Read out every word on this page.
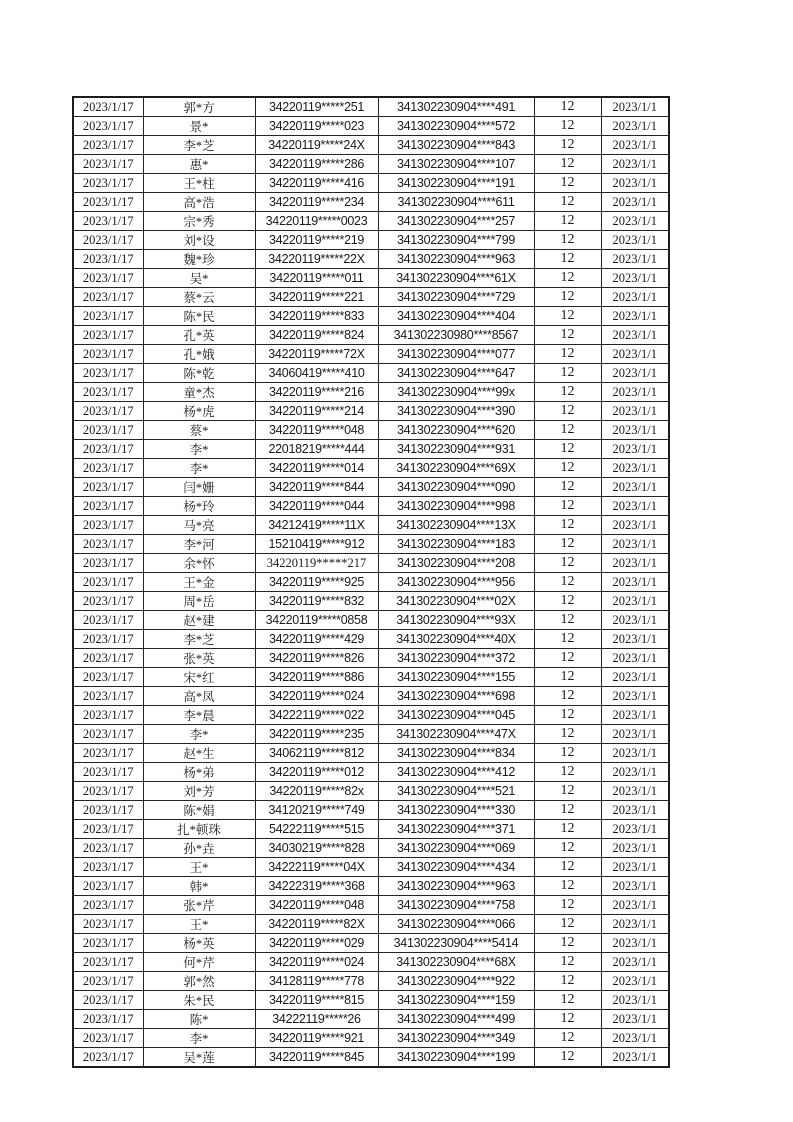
2023/1/17	郭*方	34220119*****251	341302230904****491	12	2023/1/1
2023/1/17	景*	34220119*****023	341302230904****572	12	2023/1/1
2023/1/17	李*芝	34220119*****24X	341302230904****843	12	2023/1/1
2023/1/17	惠*	34220119*****286	341302230904****107	12	2023/1/1
2023/1/17	王*柱	34220119*****416	341302230904****191	12	2023/1/1
2023/1/17	高*浩	34220119*****234	341302230904****611	12	2023/1/1
2023/1/17	宗*秀	34220119*****0023	341302230904****257	12	2023/1/1
2023/1/17	刘*设	34220119*****219	341302230904****799	12	2023/1/1
2023/1/17	魏*珍	34220119*****22X	341302230904****963	12	2023/1/1
2023/1/17	吴*	34220119*****011	341302230904****61X	12	2023/1/1
2023/1/17	蔡*云	34220119*****221	341302230904****729	12	2023/1/1
2023/1/17	陈*民	34220119*****833	341302230904****404	12	2023/1/1
2023/1/17	孔*英	34220119*****824	341302230980****8567	12	2023/1/1
2023/1/17	孔*娥	34220119*****72X	341302230904****077	12	2023/1/1
2023/1/17	陈*乾	34060419*****410	341302230904****647	12	2023/1/1
2023/1/17	童*杰	34220119*****216	341302230904****99x	12	2023/1/1
2023/1/17	杨*虎	34220119*****214	341302230904****390	12	2023/1/1
2023/1/17	蔡*	34220119*****048	341302230904****620	12	2023/1/1
2023/1/17	李*	22018219*****444	341302230904****931	12	2023/1/1
2023/1/17	李*	34220119*****014	341302230904****69X	12	2023/1/1
2023/1/17	闫*姗	34220119*****844	341302230904****090	12	2023/1/1
2023/1/17	杨*玲	34220119*****044	341302230904****998	12	2023/1/1
2023/1/17	马*亮	34212419*****11X	341302230904****13X	12	2023/1/1
2023/1/17	李*河	15210419*****912	341302230904****183	12	2023/1/1
2023/1/17	余*怀	34220119*****217	341302230904****208	12	2023/1/1
2023/1/17	王*金	34220119*****925	341302230904****956	12	2023/1/1
2023/1/17	周*岳	34220119*****832	341302230904****02X	12	2023/1/1
2023/1/17	赵*建	34220119*****0858	341302230904****93X	12	2023/1/1
2023/1/17	李*芝	34220119*****429	341302230904****40X	12	2023/1/1
2023/1/17	张*英	34220119*****826	341302230904****372	12	2023/1/1
2023/1/17	宋*红	34220119*****886	341302230904****155	12	2023/1/1
2023/1/17	高*凤	34220119*****024	341302230904****698	12	2023/1/1
2023/1/17	李*晨	34222119*****022	341302230904****045	12	2023/1/1
2023/1/17	李*	34220119*****235	341302230904****47X	12	2023/1/1
2023/1/17	赵*生	34062119*****812	341302230904****834	12	2023/1/1
2023/1/17	杨*弟	34220119*****012	341302230904****412	12	2023/1/1
2023/1/17	刘*芳	34220119*****82x	341302230904****521	12	2023/1/1
2023/1/17	陈*娟	34120219*****749	341302230904****330	12	2023/1/1
2023/1/17	扎*顿珠	54222119*****515	341302230904****371	12	2023/1/1
2023/1/17	孙*垚	34030219*****828	341302230904****069	12	2023/1/1
2023/1/17	王*	34222119*****04X	341302230904****434	12	2023/1/1
2023/1/17	韩*	34222319*****368	341302230904****963	12	2023/1/1
2023/1/17	张*芹	34220119*****048	341302230904****758	12	2023/1/1
2023/1/17	王*	34220119*****82X	341302230904****066	12	2023/1/1
2023/1/17	杨*英	34220119*****029	341302230904****5414	12	2023/1/1
2023/1/17	何*芹	34220119*****024	341302230904****68X	12	2023/1/1
2023/1/17	郭*然	34128119*****778	341302230904****922	12	2023/1/1
2023/1/17	朱*民	34220119*****815	341302230904****159	12	2023/1/1
2023/1/17	陈*	34222119*****26	341302230904****499	12	2023/1/1
2023/1/17	李*	34220119*****921	341302230904****349	12	2023/1/1
2023/1/17	吴*莲	34220119*****845	341302230904****199	12	2023/1/1
